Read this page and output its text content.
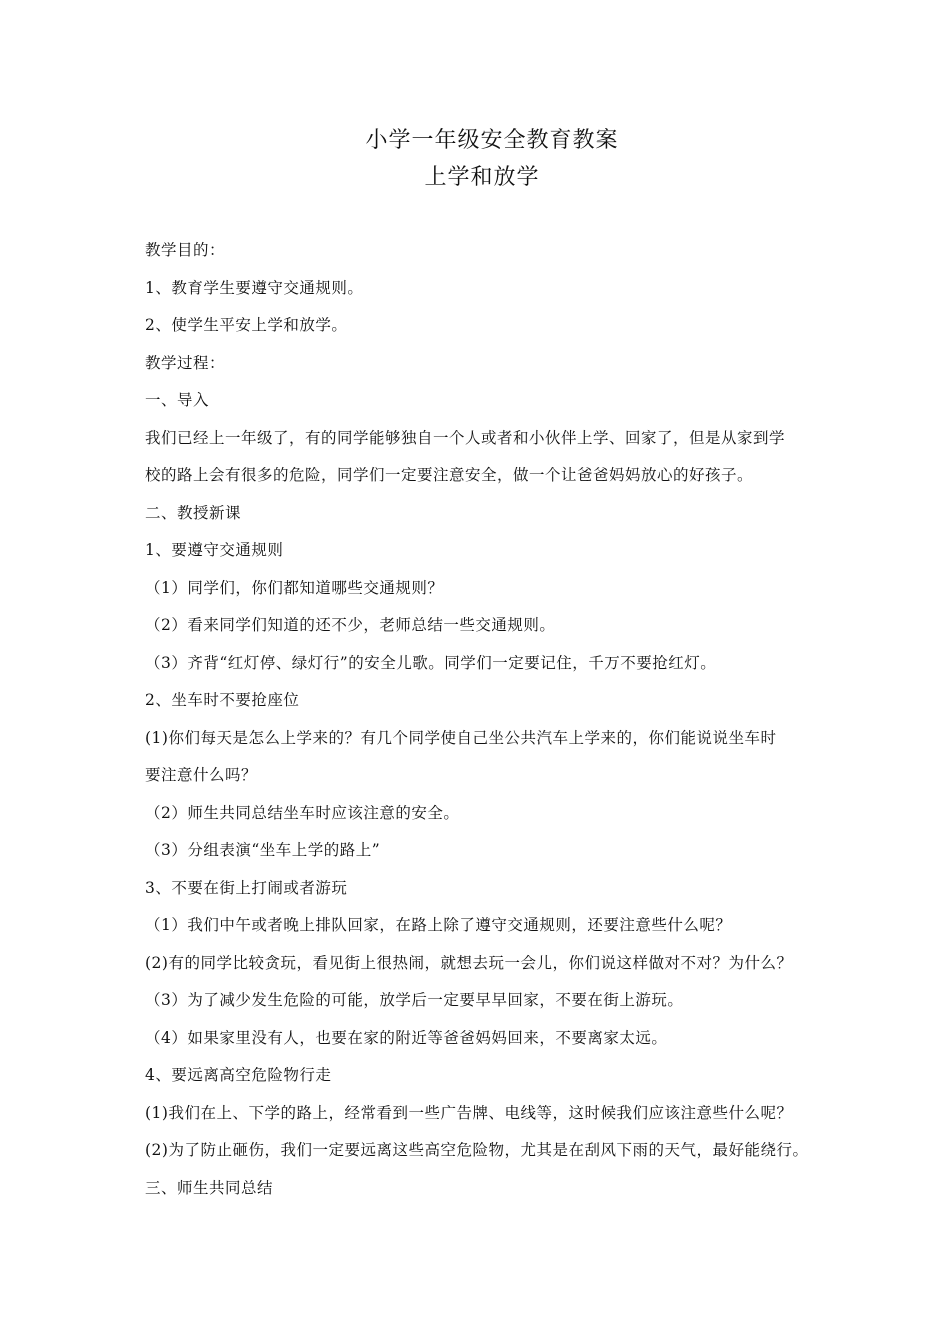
小学一年级安全教育教案
上学和放学
教学目的：
1、教育学生要遵守交通规则。
2、使学生平安上学和放学。
教学过程：
一、导入
我们已经上一年级了，有的同学能够独自一个人或者和小伙伴上学、回家了，但是从家到学
校的路上会有很多的危险，同学们一定要注意安全，做一个让爸爸妈妈放心的好孩子。
二、教授新课
1、要遵守交通规则
（1）同学们，你们都知道哪些交通规则？
（2）看来同学们知道的还不少，老师总结一些交通规则。
（3）齐背“红灯停、绿灯行”的安全儿歌。同学们一定要记住，千万不要抢红灯。
2、坐车时不要抢座位
(1)你们每天是怎么上学来的？有几个同学使自己坐公共汽车上学来的，你们能说说坐车时
要注意什么吗？
（2）师生共同总结坐车时应该注意的安全。
（3）分组表演“坐车上学的路上”
3、不要在街上打闹或者游玩
（1）我们中午或者晚上排队回家，在路上除了遵守交通规则，还要注意些什么呢？
(2)有的同学比较贪玩，看见街上很热闹，就想去玩一会儿，你们说这样做对不对？为什么？
（3）为了减少发生危险的可能，放学后一定要早早回家，不要在街上游玩。
（4）如果家里没有人，也要在家的附近等爸爸妈妈回来，不要离家太远。
4、要远离高空危险物行走
(1)我们在上、下学的路上，经常看到一些广告牌、电线等，这时候我们应该注意些什么呢？
(2)为了防止砸伤，我们一定要远离这些高空危险物，尤其是在刮风下雨的天气，最好能绕行。
三、师生共同总结
